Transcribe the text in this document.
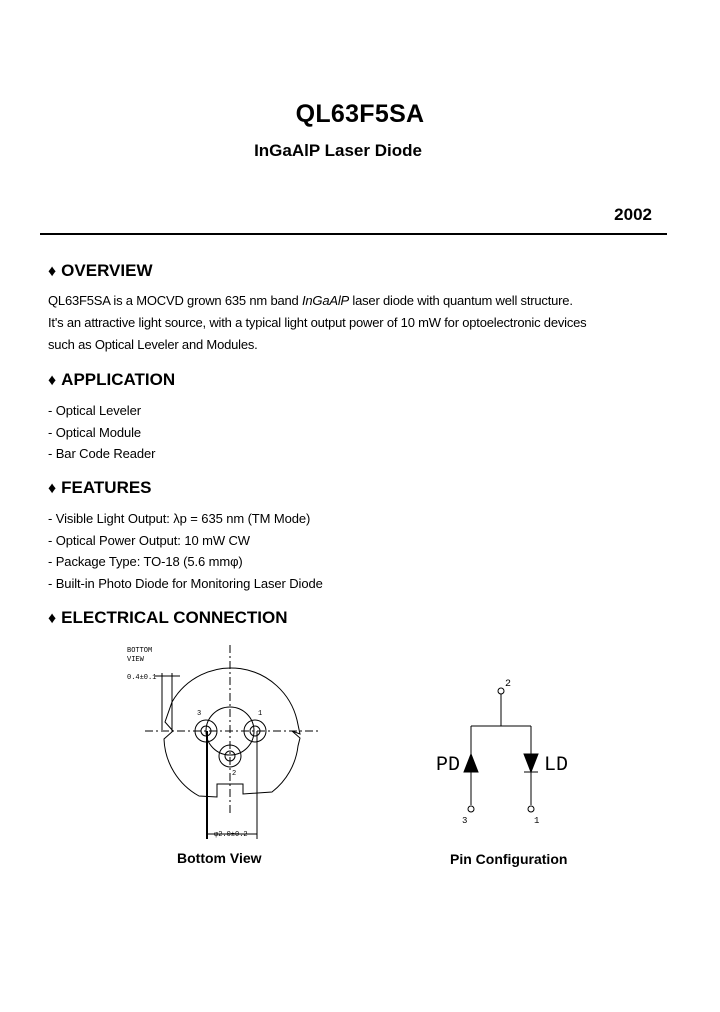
QL63F5SA
InGaAlP Laser Diode
2002
♦ OVERVIEW

QL63F5SA is a MOCVD grown 635 nm band InGaAlP laser diode with quantum well structure.

It's an attractive light source, with a typical light output power of 10 mW for optoelectronic devices

such as Optical Leveler and Modules.

♦ APPLICATION
- Optical Leveler
- Optical Module
- Bar Code Reader
♦ FEATURES
- Visible Light Output: λp = 635 nm (TM Mode)
- Optical Power Output: 10 mW CW
- Package Type: TO-18 (5.6 mmφ)
- Built-in Photo Diode for Monitoring Laser Diode
♦ ELECTRICAL CONNECTION
BOTTOM
VIEW
0.4±0.1
3	1
2
φ2.0±0.2
Bottom View
2
PD	LD
3	1
Pin Configuration
